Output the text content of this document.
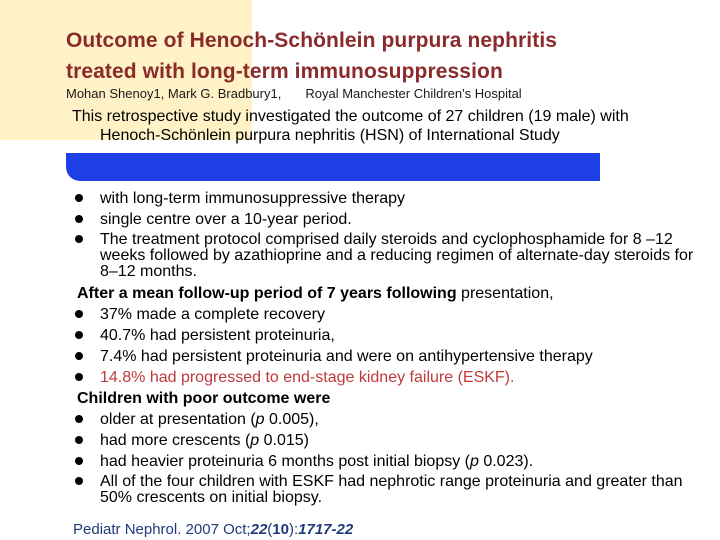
Outcome of Henoch-Schönlein purpura nephritis
treated with long-term immunosuppression
Mohan Shenoy1, Mark G. Bradbury1, Royal Manchester Children's Hospital
This retrospective study investigated the outcome of 27 children (19 male) with
Henoch-Schönlein purpura nephritis (HSN) of International Study
with long-term immunosuppressive therapy
single centre over a 10-year period.
The treatment protocol comprised daily steroids and cyclophosphamide for 8 –12 weeks followed by azathioprine and a reducing regimen of alternate-day steroids for 8–12 months.
After a mean follow-up period of 7 years following presentation,
37% made a complete recovery
40.7% had persistent proteinuria,
7.4% had persistent proteinuria and were on antihypertensive therapy
14.8% had progressed to end-stage kidney failure (ESKF).
Children with poor outcome were
older at presentation (p 0.005),
had more crescents (p 0.015)
had heavier proteinuria 6 months post initial biopsy (p 0.023).
All of the four children with ESKF had nephrotic range proteinuria and greater than 50% crescents on initial biopsy.
Pediatr Nephrol. 2007 Oct;22(10):1717-22
